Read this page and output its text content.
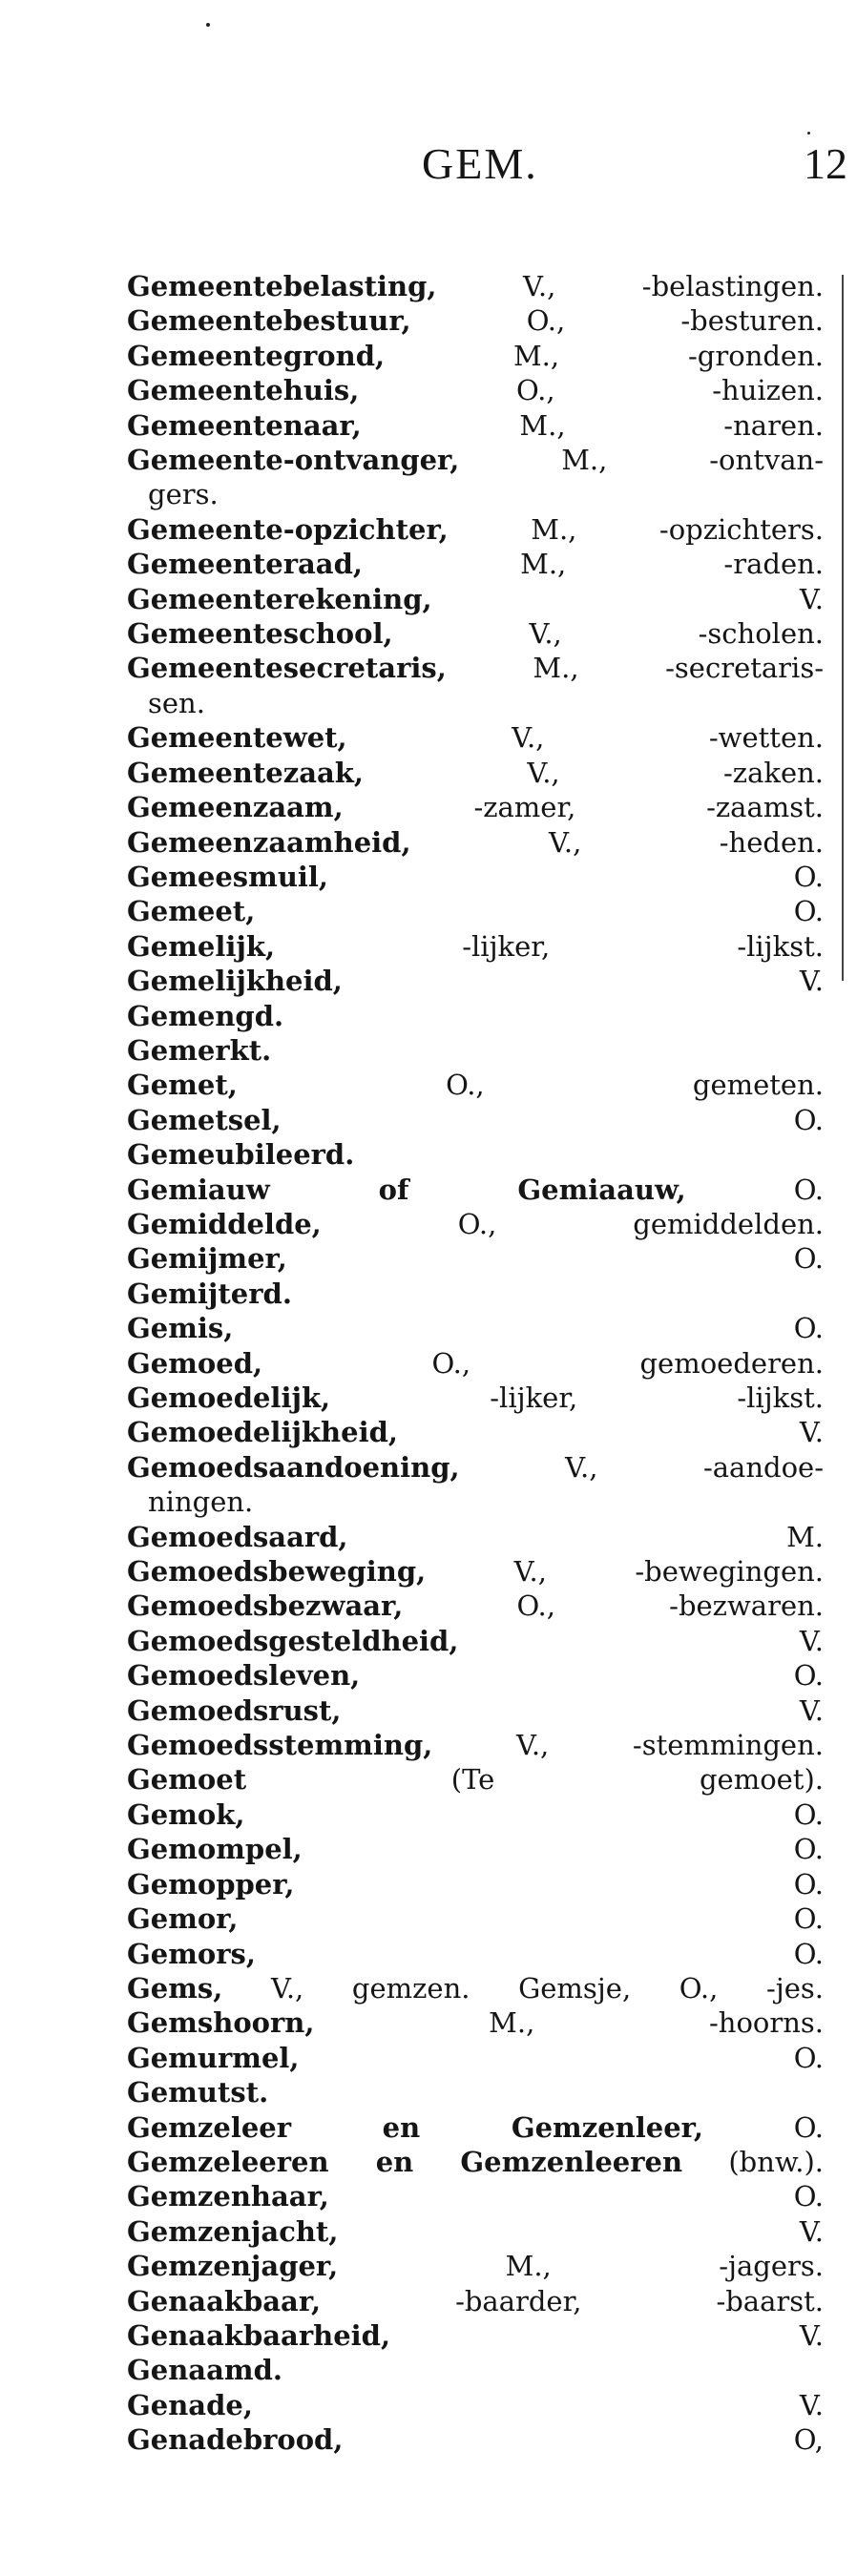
GEM.	12
Gemeentebelasting,	V., -belastingen.
Gemeentebestuur,	O., -besturen.
Gemeentegrond,	M., -gronden.
Gemeentehuis,	O., -huizen.
Gemeentenaar,	M., -naren.
Gemeente-ontvanger,	M., -ontvan-
gers.
Gemeente-opzichter,	M., -opzichters.
Gemeenteraad,	M., -raden.
Gemeenterekening,	V.
Gemeenteschool,	V., -scholen.
Gemeentesecretaris,	M., -secretaris-
sen.
Gemeentewet,	V., -wetten.
Gemeentezaak,	V., -zaken.
Gemeenzaam,	-zamer, -zaamst.
Gemeenzaamheid,	V., -heden.
Gemeesmuil,	O.
Gemeet,	O.
Gemelijk,	-lijker, -lijkst.
Gemelijkheid,	V.
Gemengd.
Gemerkt.
Gemet,	O., gemeten.
Gemetsel,	O.
Gemeubileerd.
Gemiauw of Gemiaauw,	O.
Gemiddelde,	O., gemiddelden.
Gemijmer,	O.
Gemijterd.
Gemis,	O.
Gemoed,	O., gemoederen.
Gemoedelijk,	-lijker, -lijkst.
Gemoedelijkheid,	V.
Gemoedsaandoening,	V., -aandoe-
ningen.
Gemoedsaard,	M.
Gemoedsbeweging,	V., -bewegingen.
Gemoedsbezwaar,	O., -bezwaren.
Gemoedsgesteldheid,	V.
Gemoedsleven,	O.
Gemoedsrust,	V.
Gemoedsstemming,	V., -stemmingen.
Gemoet	(Te gemoet).
Gemok,	O.
Gemompel,	O.
Gemopper,	O.
Gemor,	O.
Gemors,	O.
Gems, V., gemzen. Gemsje, O., -jes.
Gemshoorn,	M., -hoorns.
Gemurmel,	O.
Gemutst.
Gemzeleer en Gemzenleer,	O.
Gemzeleeren en Gemzenleeren (bnw.).
Gemzenhaar,	O.
Gemzenjacht,	V.
Gemzenjager,	M., -jagers.
Genaakbaar,	-baarder, -baarst.
Genaakbaarheid,	V.
Genaamd.
Genade,	V.
Genadebrood,	O,
